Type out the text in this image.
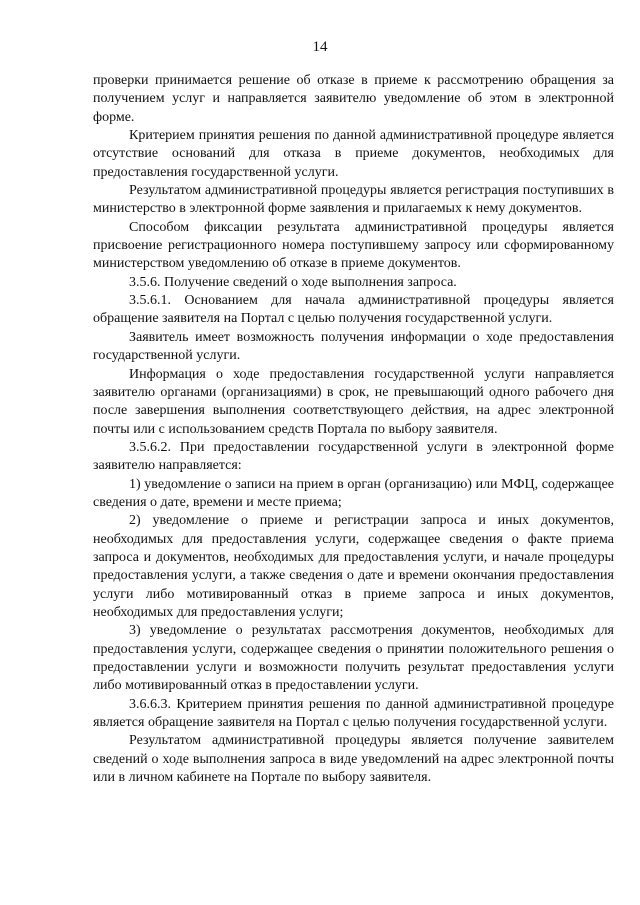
14

проверки принимается решение об отказе в приеме к рассмотрению обращения за получением услуг и направляется заявителю уведомление об этом в электронной форме.

Критерием принятия решения по данной административной процедуре является отсутствие оснований для отказа в приеме документов, необходимых для предоставления государственной услуги.

Результатом административной процедуры является регистрация поступивших в министерство в электронной форме заявления и прилагаемых к нему документов.

Способом фиксации результата административной процедуры является присвоение регистрационного номера поступившему запросу или сформированному министерством уведомлению об отказе в приеме документов.

3.5.6. Получение сведений о ходе выполнения запроса.

3.5.6.1. Основанием для начала административной процедуры является обращение заявителя на Портал с целью получения государственной услуги.

Заявитель имеет возможность получения информации о ходе предоставления государственной услуги.

Информация о ходе предоставления государственной услуги направляется заявителю органами (организациями) в срок, не превышающий одного рабочего дня после завершения выполнения соответствующего действия, на адрес электронной почты или с использованием средств Портала по выбору заявителя.

3.5.6.2. При предоставлении государственной услуги в электронной форме заявителю направляется:

1) уведомление о записи на прием в орган (организацию) или МФЦ, содержащее сведения о дате, времени и месте приема;

2) уведомление о приеме и регистрации запроса и иных документов, необходимых для предоставления услуги, содержащее сведения о факте приема запроса и документов, необходимых для предоставления услуги, и начале процедуры предоставления услуги, а также сведения о дате и времени окончания предоставления услуги либо мотивированный отказ в приеме запроса и иных документов, необходимых для предоставления услуги;

3) уведомление о результатах рассмотрения документов, необходимых для предоставления услуги, содержащее сведения о принятии положительного решения о предоставлении услуги и возможности получить результат предоставления услуги либо мотивированный отказ в предоставлении услуги.

3.6.6.3. Критерием принятия решения по данной административной процедуре является обращение заявителя на Портал с целью получения государственной услуги.

Результатом административной процедуры является получение заявителем сведений о ходе выполнения запроса в виде уведомлений на адрес электронной почты или в личном кабинете на Портале по выбору заявителя.
